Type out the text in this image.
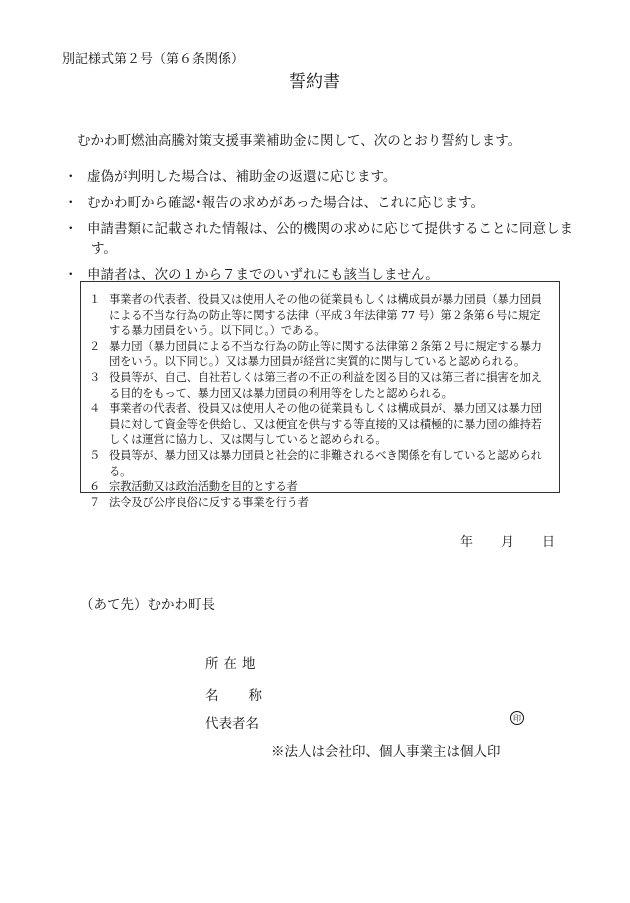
別記様式第２号（第６条関係）
誓約書
むかわ町燃油高騰対策支援事業補助金に関して、次のとおり誓約します。
・ 虚偽が判明した場合は、補助金の返還に応じます。
・ むかわ町から確認･報告の求めがあった場合は、これに応じます。
・ 申請書類に記載された情報は、公的機関の求めに応じて提供することに同意しま
す。
・ 申請者は、次の１から７までのいずれにも該当しません。
１ 事業者の代表者、役員又は使用人その他の従業員もしくは構成員が暴力団員（暴力団員による不当な行為の防止等に関する法律（平成３年法律第 77 号）第２条第６号に規定する暴力団員をいう。以下同じ。）である。
２ 暴力団（暴力団員による不当な行為の防止等に関する法律第２条第２号に規定する暴力団をいう。以下同じ。）又は暴力団員が経営に実質的に関与していると認められる。
３ 役員等が、自己、自社若しくは第三者の不正の利益を図る目的又は第三者に損害を加える目的をもって、暴力団又は暴力団員の利用等をしたと認められる。
４ 事業者の代表者、役員又は使用人その他の従業員もしくは構成員が、暴力団又は暴力団員に対して資金等を供給し、又は便宜を供与する等直接的又は積極的に暴力団の維持若しくは運営に協力し、又は関与していると認められる。
５ 役員等が、暴力団又は暴力団員と社会的に非難されるべき関係を有していると認められる。
６ 宗教活動又は政治活動を目的とする者
７ 法令及び公序良俗に反する事業を行う者
年 月 日
（あて先）むかわ町長
所在地
名 称
代表者名	印
※法人は会社印、個人事業主は個人印
